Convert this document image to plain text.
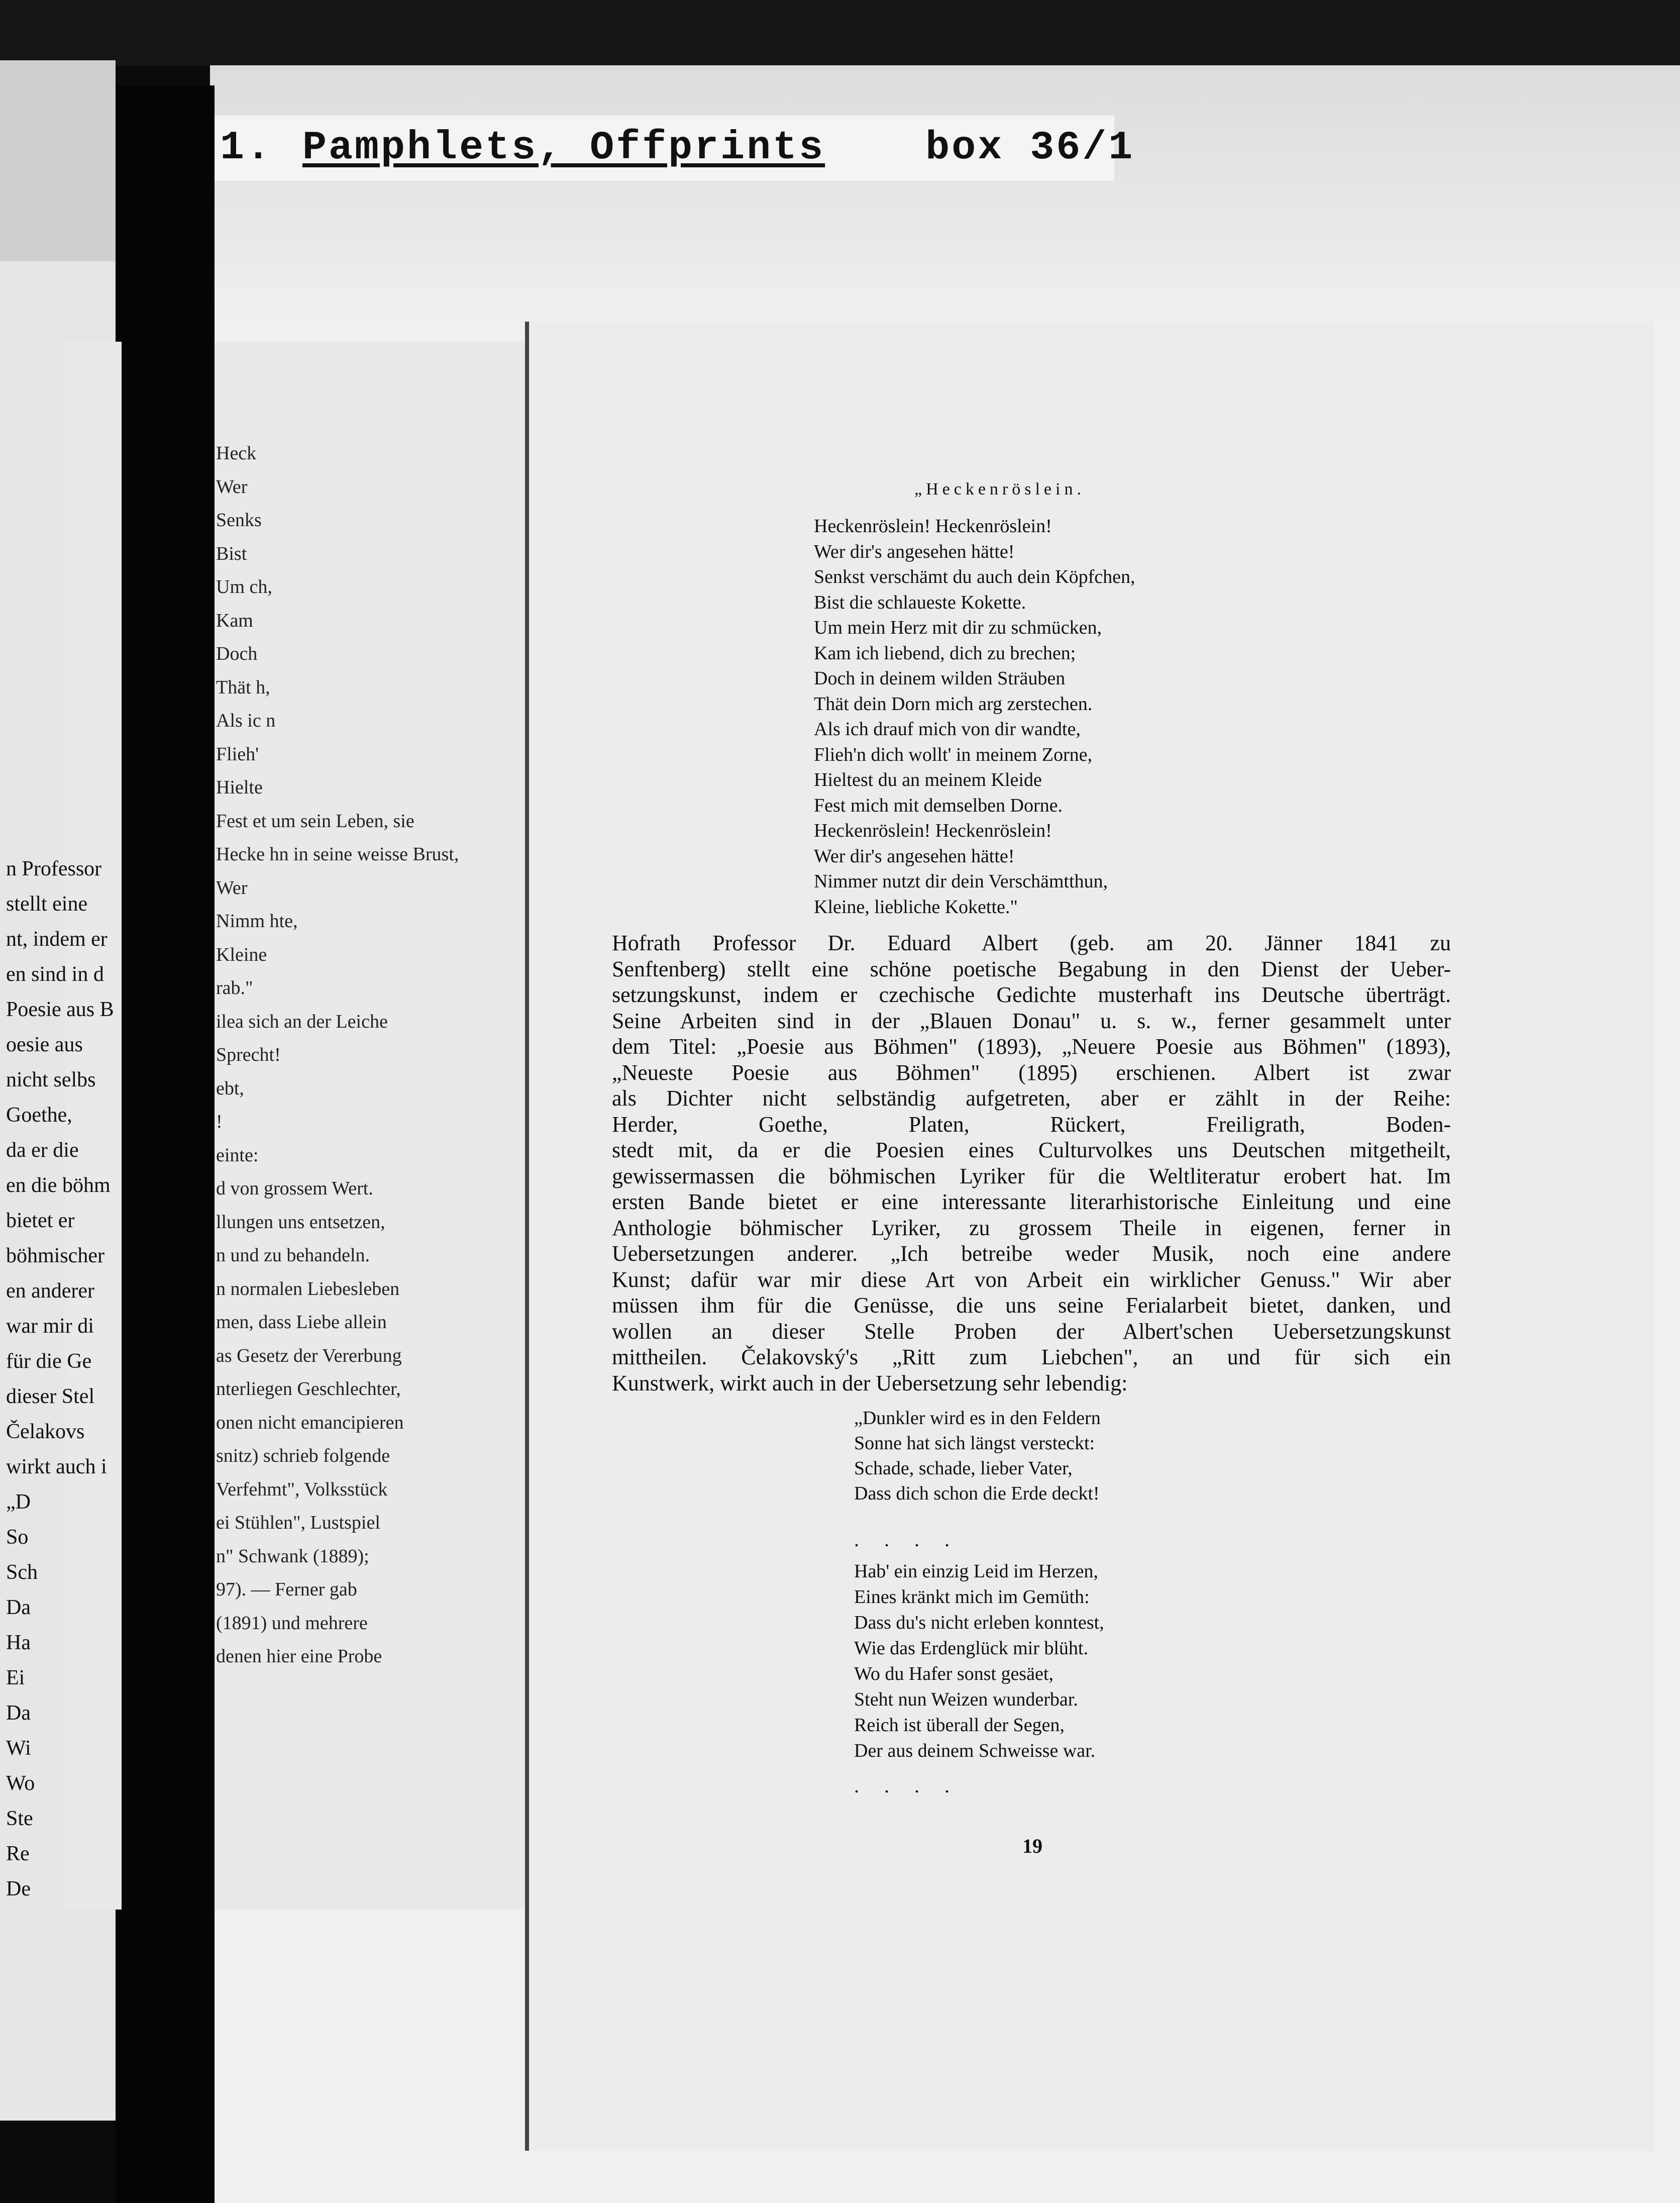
1. Pamphlets, Offprints	box 36/1
Heck
Wer
Senks
Bist
Um ch,
Kam
Doch
Thät h,
Als ic n
Flieh'
Hielte
Fest et um sein Leben, sie
Hecke hn in seine weisse Brust,
Wer
Nimm hte,
Kleine
rab."
ilea sich an der Leiche
Sprecht!
ebt,
!
einte:
d von grossem Wert.
llungen uns entsetzen,
n und zu behandeln.
n normalen Liebesleben
men, dass Liebe allein
as Gesetz der Vererbung
nterliegen Geschlechter,
onen nicht emancipieren
snitz) schrieb folgende
Verfehmt", Volksstück
ei Stühlen", Lustspiel
n" Schwank (1889);
97). — Ferner gab
(1891) und mehrere
denen hier eine Probe
n Professor
stellt eine
nt, indem er
en sind in d
Poesie aus B
oesie aus
nicht selbs
Goethe,
da er die
en die böhm
bietet er
böhmischer
en anderer
war mir di
für die Ge
dieser Stel
Čelakovs
wirkt auch i
„D
So
Sch
Da
Ha
Ei
Da
Wi
Wo
Ste
Re
De
„Heckenröslein.
Heckenröslein! Heckenröslein!
Wer dir's angesehen hätte!
Senkst verschämt du auch dein Köpfchen,
Bist die schlaueste Kokette.
Um mein Herz mit dir zu schmücken,
Kam ich liebend, dich zu brechen;
Doch in deinem wilden Sträuben
Thät dein Dorn mich arg zerstechen.
Als ich drauf mich von dir wandte,
Flieh'n dich wollt' in meinem Zorne,
Hieltest du an meinem Kleide
Fest mich mit demselben Dorne.
Heckenröslein! Heckenröslein!
Wer dir's angesehen hätte!
Nimmer nutzt dir dein Verschämtthun,
Kleine, liebliche Kokette."
Hofrath Professor Dr. Eduard Albert (geb. am 20. Jänner 1841 zu
Senftenberg) stellt eine schöne poetische Begabung in den Dienst der Ueber-
setzungskunst, indem er czechische Gedichte musterhaft ins Deutsche überträgt.
Seine Arbeiten sind in der „Blauen Donau" u. s. w., ferner gesammelt unter
dem Titel: „Poesie aus Böhmen" (1893), „Neuere Poesie aus Böhmen" (1893),
„Neueste Poesie aus Böhmen" (1895) erschienen. Albert ist zwar
als Dichter nicht selbständig aufgetreten, aber er zählt in der Reihe:
Herder, Goethe, Platen, Rückert, Freiligrath, Boden-
stedt mit, da er die Poesien eines Culturvolkes uns Deutschen mitgetheilt,
gewissermassen die böhmischen Lyriker für die Weltliteratur erobert hat. Im
ersten Bande bietet er eine interessante literarhistorische Einleitung und eine
Anthologie böhmischer Lyriker, zu grossem Theile in eigenen, ferner in
Uebersetzungen anderer. „Ich betreibe weder Musik, noch eine andere
Kunst; dafür war mir diese Art von Arbeit ein wirklicher Genuss." Wir aber
müssen ihm für die Genüsse, die uns seine Ferialarbeit bietet, danken, und
wollen an dieser Stelle Proben der Albert'schen Uebersetzungskunst
mittheilen. Čelakovský's „Ritt zum Liebchen", an und für sich ein
Kunstwerk, wirkt auch in der Uebersetzung sehr lebendig:
„Dunkler wird es in den Feldern
Sonne hat sich längst versteckt:
Schade, schade, lieber Vater,
Dass dich schon die Erde deckt!
. . . .
Hab' ein einzig Leid im Herzen,
Eines kränkt mich im Gemüth:
Dass du's nicht erleben konntest,
Wie das Erdenglück mir blüht.
Wo du Hafer sonst gesäet,
Steht nun Weizen wunderbar.
Reich ist überall der Segen,
Der aus deinem Schweisse war.
. . . .
19
